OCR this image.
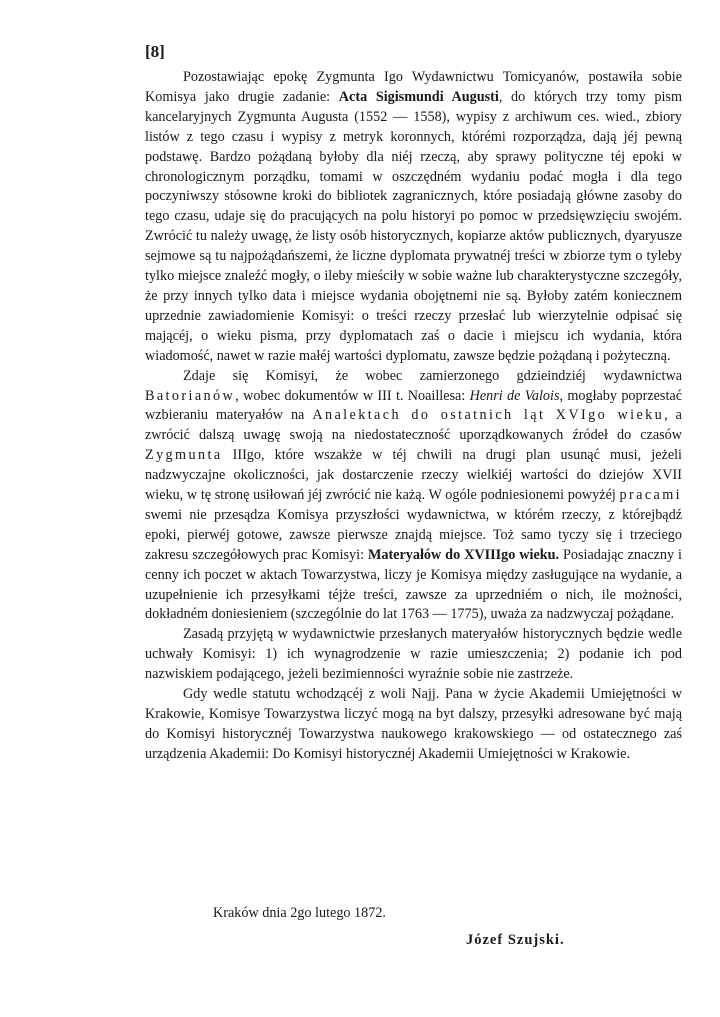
[8]

Pozostawiając epokę Zygmunta Igo Wydawnictwu Tomicyanów, postawiła sobie Komisya jako drugie zadanie: Acta Sigismundi Augusti, do których trzy tomy pism kancelaryjnych Zygmunta Augusta (1552 — 1558), wypisy z archiwum ces. wied., zbiory listów z tego czasu i wypisy z metryk koronnych, którémi rozporządza, dają jéj pewną podstawę. Bardzo pożądaną byłoby dla niéj rzeczą, aby sprawy polityczne téj epoki w chronologicznym porządku, tomami w oszczędném wydaniu podać mogła i dla tego poczyniwszy stósowne kroki do bibliotek zagranicznych, które posiadają główne zasoby do tego czasu, udaje się do pracujących na polu historyi po pomoc w przedsięwzięciu swojém. Zwrócić tu należy uwagę, że listy osób historycznych, kopiarze aktów publicznych, dyaryusze sejmowe są tu najpożądańszemi, że liczne dyplomata prywatnéj treści w zbiorze tym o tyleby tylko miejsce znaleźć mogły, o ileby mieściły w sobie ważne lub charakterystyczne szczegóły, że przy innych tylko data i miejsce wydania obojętnemi nie są. Byłoby zatém koniecznem uprzednie zawiadomienie Komisyi: o treści rzeczy przesłać lub wierzytelnie odpisać się mającéj, o wieku pisma, przy dyplomatach zaś o dacie i miejscu ich wydania, która wiadomość, nawet w razie małéj wartości dyplomatu, zawsze będzie pożądaną i pożyteczną.

Zdaje się Komisyi, że wobec zamierzonego gdzieindziéj wydawnictwa Batorianów, wobec dokumentów w III t. Noaillesa: Henri de Valois, mogłaby poprzestać wzbieraniu materyałów na Analektach do ostatnich ląt XVIgo wieku, a zwrócić dalszą uwagę swoją na niedostateczność uporządkowanych źródeł do czasów Zygmunta IIIgo, które wszakże w téj chwili na drugi plan usunąć musi, jeżeli nadzwyczajne okoliczności, jak dostarczenie rzeczy wielkiéj wartości do dziejów XVII wieku, w tę stronę usiłowań jéj zwrócić nie każą. W ogóle podniesionemi powyżéj pracami swemi nie przesądza Komisya przyszłości wydawnictwa, w którém rzeczy, z którejbądź epoki, pierwéj gotowe, zawsze pierwsze znajdą miejsce. Toż samo tyczy się i trzeciego zakresu szczegółowych prac Komisyi: Materyałów do XVIIIgo wieku. Posiadając znaczny i cenny ich poczet w aktach Towarzystwa, liczy je Komisya między zasługujące na wydanie, a uzupełnienie ich przesyłkami téjże treści, zawsze za uprzedniém o nich, ile możności, dokładném doniesieniem (szczególnie do lat 1763 — 1775), uważa za nadzwyczaj pożądane.

Zasadą przyjętą w wydawnictwie przesłanych materyałów historycznych będzie wedle uchwały Komisyi: 1) ich wynagrodzenie w razie umieszczenia; 2) podanie ich pod nazwiskiem podającego, jeżeli bezimienności wyraźnie sobie nie zastrzeże.

Gdy wedle statutu wchodzącéj z woli Najj. Pana w życie Akademii Umiejętności w Krakowie, Komisye Towarzystwa liczyć mogą na byt dalszy, przesyłki adresowane być mają do Komisyi historycznéj Towarzystwa naukowego krakowskiego — od ostatecznego zaś urządzenia Akademii: Do Komisyi historycznéj Akademii Umiejętności w Krakowie.

Kraków dnia 2go lutego 1872.
Józef Szujski.
